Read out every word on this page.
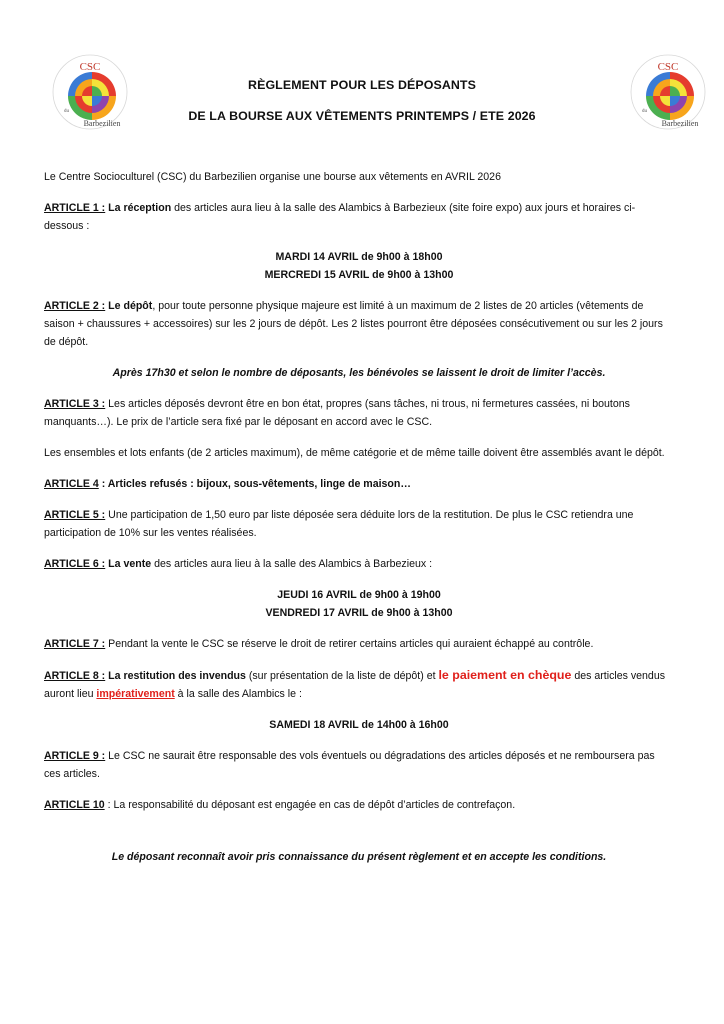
CSC
du
Barbezilien
CSC
du
Barbezilien
RÈGLEMENT POUR LES DÉPOSANTS
DE LA BOURSE AUX VÊTEMENTS PRINTEMPS / ETE 2026

Le Centre Socioculturel (CSC) du Barbezilien organise une bourse aux vêtements en AVRIL 2026

ARTICLE 1 : La réception des articles aura lieu à la salle des Alambics à Barbezieux (site foire expo) aux jours et horaires ci-dessous :

MARDI 14 AVRIL de 9h00 à 18h00

MERCREDI 15 AVRIL de 9h00 à 13h00

ARTICLE 2 : Le dépôt, pour toute personne physique majeure est limité à un maximum de 2 listes de 20 articles (vêtements de saison + chaussures + accessoires) sur les 2 jours de dépôt. Les 2 listes pourront être déposées consécutivement ou sur les 2 jours de dépôt.

Après 17h30 et selon le nombre de déposants, les bénévoles se laissent le droit de limiter l’accès.

ARTICLE 3 : Les articles déposés devront être en bon état, propres (sans tâches, ni trous, ni fermetures cassées, ni boutons manquants…). Le prix de l’article sera fixé par le déposant en accord avec le CSC.

Les ensembles et lots enfants (de 2 articles maximum), de même catégorie et de même taille doivent être assemblés avant le dépôt.

ARTICLE 4 : Articles refusés : bijoux, sous-vêtements, linge de maison…

ARTICLE 5 : Une participation de 1,50 euro par liste déposée sera déduite lors de la restitution. De plus le CSC retiendra une participation de 10% sur les ventes réalisées.

ARTICLE 6 : La vente des articles aura lieu à la salle des Alambics à Barbezieux :

JEUDI 16 AVRIL de 9h00 à 19h00

VENDREDI 17 AVRIL de 9h00 à 13h00

ARTICLE 7 : Pendant la vente le CSC se réserve le droit de retirer certains articles qui auraient échappé au contrôle.

ARTICLE 8 : La restitution des invendus (sur présentation de la liste de dépôt) et le paiement en chèque des articles vendus auront lieu impérativement à la salle des Alambics le :

SAMEDI 18 AVRIL de 14h00 à 16h00

ARTICLE 9 : Le CSC ne saurait être responsable des vols éventuels ou dégradations des articles déposés et ne remboursera pas ces articles.

ARTICLE 10 : La responsabilité du déposant est engagée en cas de dépôt d’articles de contrefaçon.

Le déposant reconnaît avoir pris connaissance du présent règlement et en accepte les conditions.
